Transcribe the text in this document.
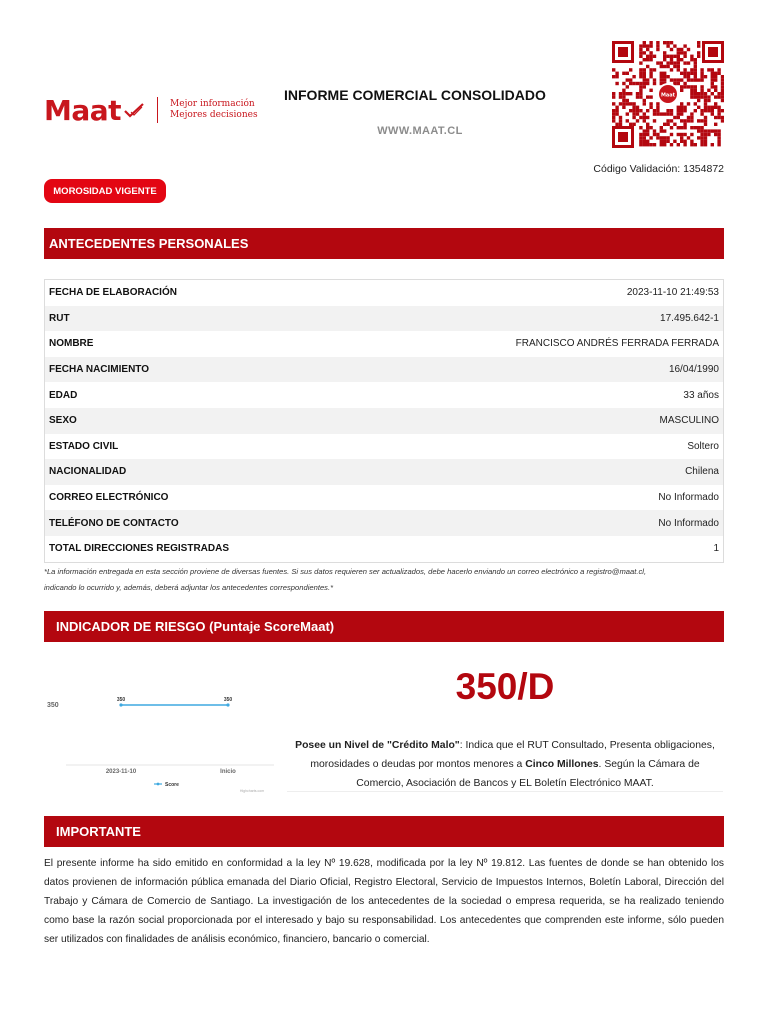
Maat	Mejor información
Mejores decisiones
INFORME COMERCIAL CONSOLIDADO
WWW.MAAT.CL
Maat
Código Validación: 1354872
MOROSIDAD VIGENTE
ANTECEDENTES PERSONALES
FECHA DE ELABORACIÓN	2023-11-10 21:49:53
RUT	17.495.642-1
NOMBRE	FRANCISCO ANDRÉS FERRADA FERRADA
FECHA NACIMIENTO	16/04/1990
EDAD	33 años
SEXO	MASCULINO
ESTADO CIVIL	Soltero
NACIONALIDAD	Chilena
CORREO ELECTRÓNICO	No Informado
TELÉFONO DE CONTACTO	No Informado
TOTAL DIRECCIONES REGISTRADAS	1
*La información entregada en esta sección proviene de diversas fuentes. Si sus datos requieren ser actualizados, debe hacerlo enviando un correo electrónico a registro@maat.cl,
indicando lo ocurrido y, además, deberá adjuntar los antecedentes correspondientes.*
INDICADOR DE RIESGO (Puntaje ScoreMaat)
350
350	350
2023-11-10	Inicio
Score
Highcharts.com
350/D
Posee un Nivel de "Crédito Malo": Indica que el RUT Consultado, Presenta obligaciones, morosidades o deudas por montos menores a Cinco Millones. Según la Cámara de Comercio, Asociación de Bancos y EL Boletín Electrónico MAAT.
IMPORTANTE
El presente informe ha sido emitido en conformidad a la ley Nº 19.628, modificada por la ley Nº 19.812. Las fuentes de donde se han obtenido los datos provienen de información pública emanada del Diario Oficial, Registro Electoral, Servicio de Impuestos Internos, Boletín Laboral, Dirección del Trabajo y Cámara de Comercio de Santiago. La investigación de los antecedentes de la sociedad o empresa requerida, se ha realizado teniendo como base la razón social proporcionada por el interesado y bajo su responsabilidad. Los antecedentes que comprenden este informe, sólo pueden ser utilizados con finalidades de análisis económico, financiero, bancario o comercial.
